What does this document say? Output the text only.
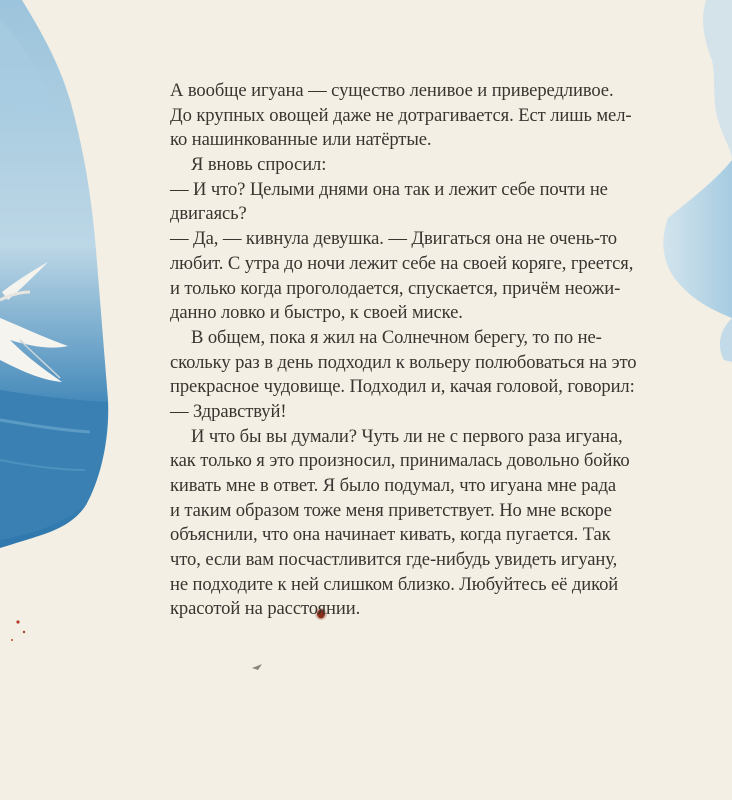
А вообще игуана — существо ленивое и привередливое.
До крупных овощей даже не дотрагивается. Ест лишь мел-
ко нашинкованные или натёртые.
Я вновь спросил:
— И что? Целыми днями она так и лежит себе почти не
двигаясь?
— Да, — кивнула девушка. — Двигаться она не очень-то
любит. С утра до ночи лежит себе на своей коряге, греется,
и только когда проголодается, спускается, причём неожи-
данно ловко и быстро, к своей миске.
В общем, пока я жил на Солнечном берегу, то по не-
скольку раз в день подходил к вольеру полюбоваться на это
прекрасное чудовище. Подходил и, качая головой, говорил:
— Здравствуй!
И что бы вы думали? Чуть ли не с первого раза игуана,
как только я это произносил, принималась довольно бойко
кивать мне в ответ. Я было подумал, что игуана мне рада
и таким образом тоже меня приветствует. Но мне вскоре
объяснили, что она начинает кивать, когда пугается. Так
что, если вам посчастливится где-нибудь увидеть игуану,
не подходите к ней слишком близко. Любуйтесь её дикой
красотой на расстоянии.
